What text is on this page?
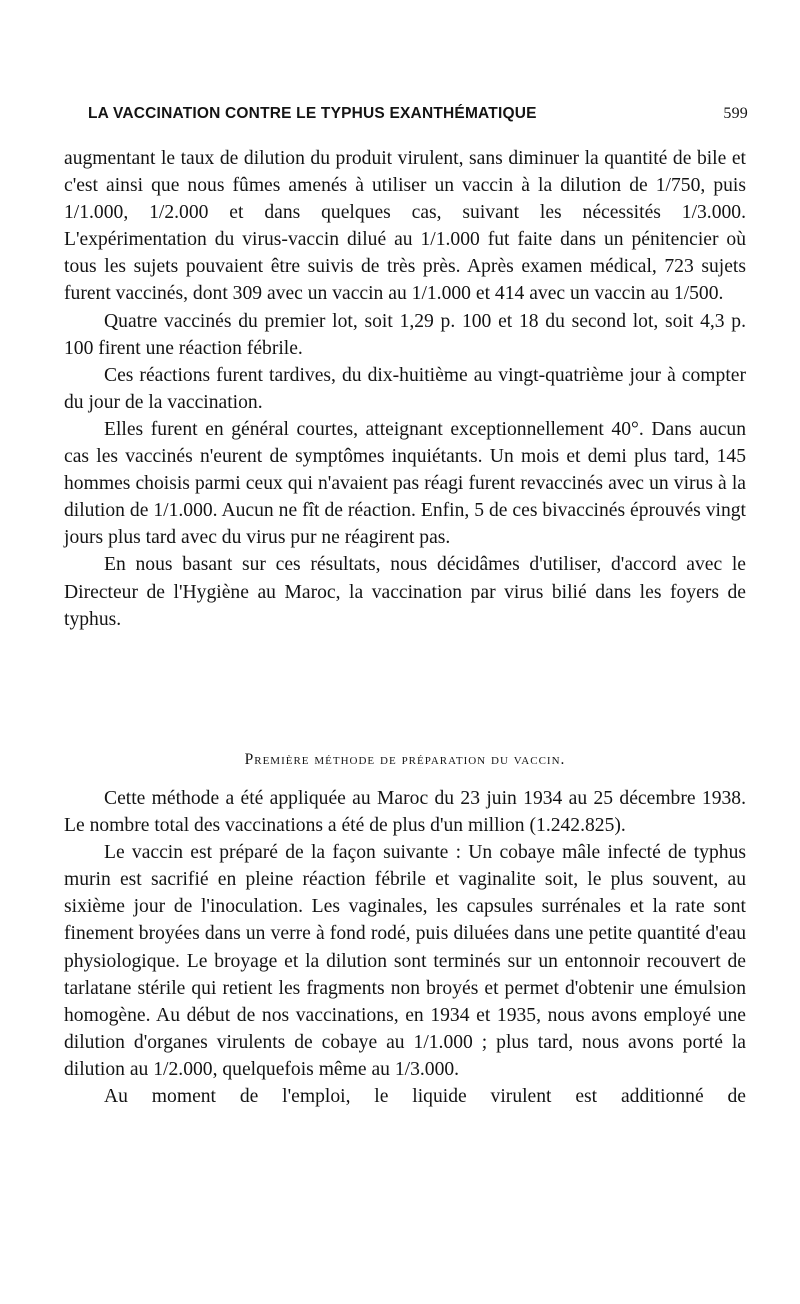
LA VACCINATION CONTRE LE TYPHUS EXANTHÉMATIQUE	599

augmentant le taux de dilution du produit virulent, sans diminuer la quantité de bile et c'est ainsi que nous fûmes amenés à utiliser un vaccin à la dilution de 1/750, puis 1/1.000, 1/2.000 et dans quelques cas, suivant les nécessités 1/3.000. L'expérimentation du virus-vaccin dilué au 1/1.000 fut faite dans un pénitencier où tous les sujets pouvaient être suivis de très près. Après examen médical, 723 sujets furent vaccinés, dont 309 avec un vaccin au 1/1.000 et 414 avec un vaccin au 1/500.

Quatre vaccinés du premier lot, soit 1,29 p. 100 et 18 du second lot, soit 4,3 p. 100 firent une réaction fébrile.

Ces réactions furent tardives, du dix-huitième au vingt-quatrième jour à compter du jour de la vaccination.

Elles furent en général courtes, atteignant exceptionnellement 40°. Dans aucun cas les vaccinés n'eurent de symptômes inquiétants. Un mois et demi plus tard, 145 hommes choisis parmi ceux qui n'avaient pas réagi furent revaccinés avec un virus à la dilution de 1/1.000. Aucun ne fît de réaction. Enfin, 5 de ces bivaccinés éprouvés vingt jours plus tard avec du virus pur ne réagirent pas.

En nous basant sur ces résultats, nous décidâmes d'utiliser, d'accord avec le Directeur de l'Hygiène au Maroc, la vaccination par virus bilié dans les foyers de typhus.

Première méthode de préparation du vaccin.

Cette méthode a été appliquée au Maroc du 23 juin 1934 au 25 décembre 1938. Le nombre total des vaccinations a été de plus d'un million (1.242.825).

Le vaccin est préparé de la façon suivante : Un cobaye mâle infecté de typhus murin est sacrifié en pleine réaction fébrile et vaginalite soit, le plus souvent, au sixième jour de l'inoculation. Les vaginales, les capsules surrénales et la rate sont finement broyées dans un verre à fond rodé, puis diluées dans une petite quantité d'eau physiologique. Le broyage et la dilution sont terminés sur un entonnoir recouvert de tarlatane stérile qui retient les fragments non broyés et permet d'obtenir une émulsion homogène. Au début de nos vaccinations, en 1934 et 1935, nous avons employé une dilution d'organes virulents de cobaye au 1/1.000 ; plus tard, nous avons porté la dilution au 1/2.000, quelquefois même au 1/3.000.

Au moment de l'emploi, le liquide virulent est additionné de
